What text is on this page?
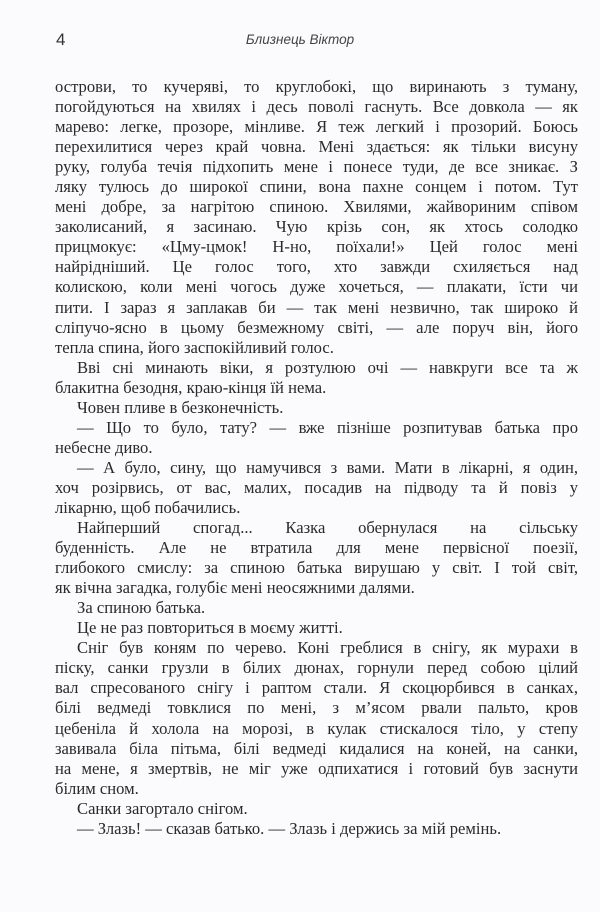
4	Близнець Віктор
острови, то кучеряві, то круглобокі, що виринають з туману,
погойдуються на хвилях і десь поволі гаснуть. Все довкола — як
марево: легке, прозоре, мінливе. Я теж легкий і прозорий. Боюсь
перехилитися через край човна. Мені здається: як тільки висуну
руку, голуба течія підхопить мене і понесе туди, де все зникає. З
ляку тулюсь до широкої спини, вона пахне сонцем і потом. Тут
мені добре, за нагрітою спиною. Хвилями, жайвориним співом
заколисаний, я засинаю. Чую крізь сон, як хтось солодко
прицмокує: «Цму-цмок! Н-но, поїхали!» Цей голос мені
найрідніший. Це голос того, хто завжди схиляється над
колискою, коли мені чогось дуже хочеться, — плакати, їсти чи
пити. І зараз я заплакав би — так мені незвично, так широко й
сліпучо-ясно в цьому безмежному світі, — але поруч він, його
тепла спина, його заспокійливий голос.
Вві сні минають віки, я розтулюю очі — навкруги все та ж
блакитна безодня, краю-кінця їй нема.
Човен пливе в безконечність.
— Що то було, тату? — вже пізніше розпитував батька про
небесне диво.
— А було, сину, що намучився з вами. Мати в лікарні, я один,
хоч розірвись, от вас, малих, посадив на підводу та й повіз у
лікарню, щоб побачились.
Найперший спогад... Казка обернулася на сільську
буденність. Але не втратила для мене первісної поезії,
глибокого смислу: за спиною батька вирушаю у світ. І той світ,
як вічна загадка, голубіє мені неосяжними далями.
За спиною батька.
Це не раз повториться в моєму житті.
Сніг був коням по черево. Коні греблися в снігу, як мурахи в
піску, санки грузли в білих дюнах, горнули перед собою цілий
вал спресованого снігу і раптом стали. Я скоцюрбився в санках,
білі ведмеді товклися по мені, з м’ясом рвали пальто, кров
цебеніла й холола на морозі, в кулак стискалося тіло, у степу
завивала біла пітьма, білі ведмеді кидалися на коней, на санки,
на мене, я змертвів, не міг уже одпихатися і готовий був заснути
білим сном.
Санки загортало снігом.
— Злазь! — сказав батько. — Злазь і держись за мій ремінь.
